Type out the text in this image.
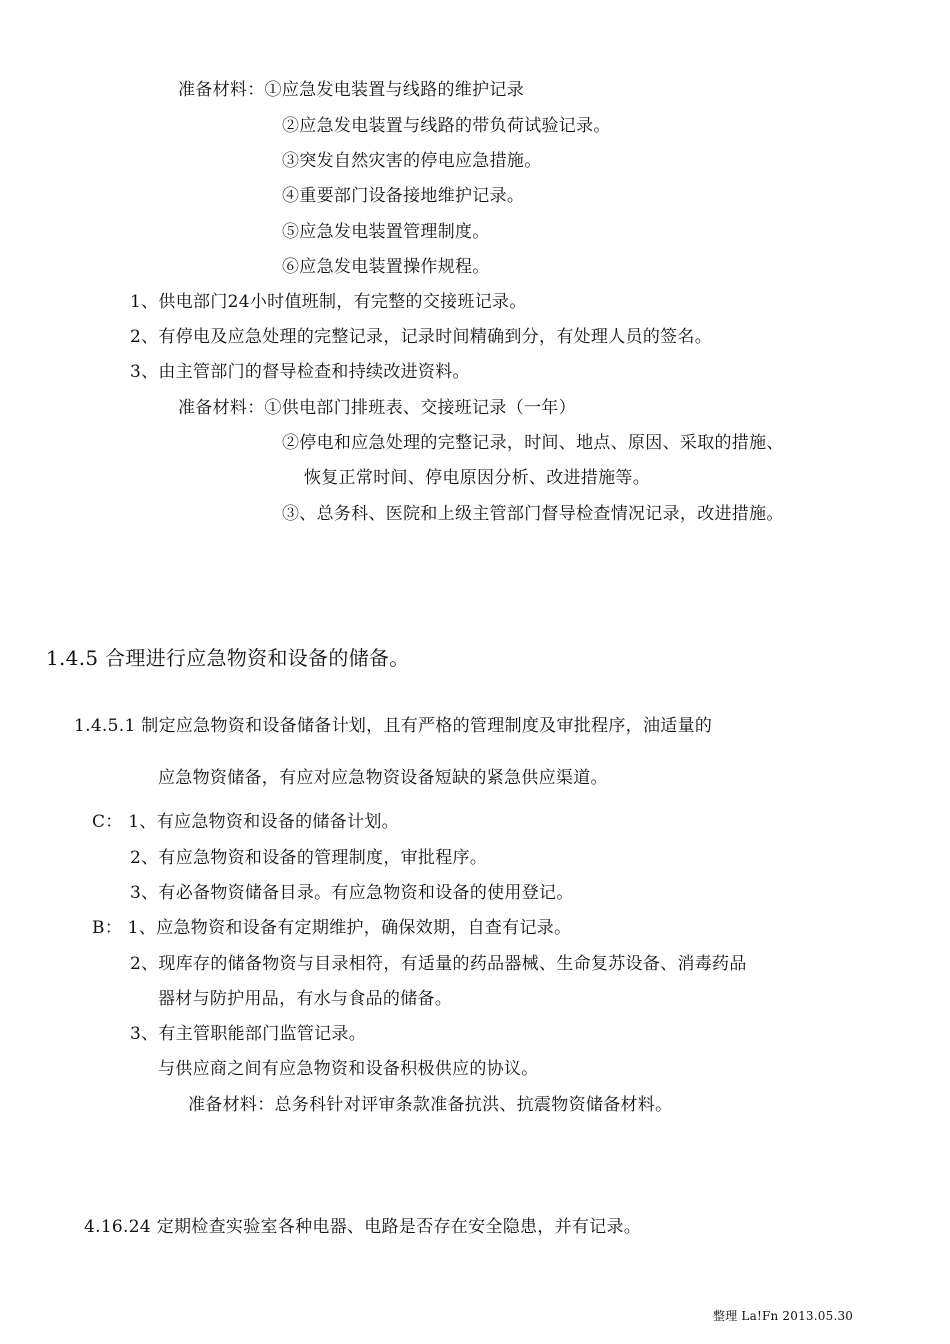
准备材料：①应急发电装置与线路的维护记录
②应急发电装置与线路的带负荷试验记录。
③突发自然灾害的停电应急措施。
④重要部门设备接地维护记录。
⑤应急发电装置管理制度。
⑥应急发电装置操作规程。
1、供电部门24小时值班制，有完整的交接班记录。
2、有停电及应急处理的完整记录，记录时间精确到分，有处理人员的签名。
3、由主管部门的督导检查和持续改进资料。
准备材料：①供电部门排班表、交接班记录（一年）
②停电和应急处理的完整记录，时间、地点、原因、采取的措施、
恢复正常时间、停电原因分析、改进措施等。
③、总务科、医院和上级主管部门督导检查情况记录，改进措施。
1.4.5 合理进行应急物资和设备的储备。
1.4.5.1 制定应急物资和设备储备计划，且有严格的管理制度及审批程序，油适量的
应急物资储备，有应对应急物资设备短缺的紧急供应渠道。
C： 1、有应急物资和设备的储备计划。
2、有应急物资和设备的管理制度，审批程序。
3、有必备物资储备目录。有应急物资和设备的使用登记。
B： 1、应急物资和设备有定期维护，确保效期，自查有记录。
2、现库存的储备物资与目录相符，有适量的药品器械、生命复苏设备、消毒药品
器材与防护用品，有水与食品的储备。
3、有主管职能部门监管记录。
与供应商之间有应急物资和设备积极供应的协议。
准备材料：总务科针对评审条款准备抗洪、抗震物资储备材料。
4.16.24 定期检查实验室各种电器、电路是否存在安全隐患，并有记录。
整理 La!Fn 2013.05.30
